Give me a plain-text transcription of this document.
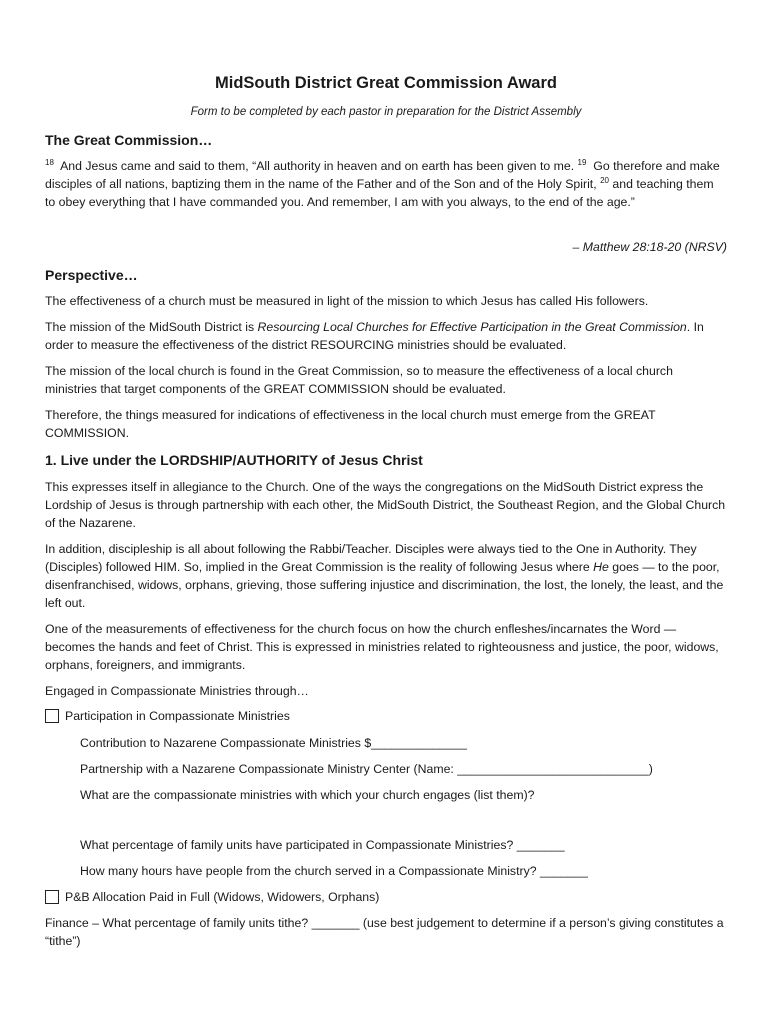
MidSouth District Great Commission Award

Form to be completed by each pastor in preparation for the District Assembly

The Great Commission…

$^{18}$ And Jesus came and said to them, “All authority in heaven and on earth has been given to me. $^{19}$ Go therefore and make disciples of all nations, baptizing them in the name of the Father and of the Son and of the Holy Spirit, $^{20}$ and teaching them to obey everything that I have commanded you. And remember, I am with you always, to the end of the age.”

– Matthew 28:18-20 (NRSV)

Perspective…

The effectiveness of a church must be measured in light of the mission to which Jesus has called His followers.

The mission of the MidSouth District is Resourcing Local Churches for Effective Participation in the Great Commission. In order to measure the effectiveness of the district RESOURCING ministries should be evaluated.

The mission of the local church is found in the Great Commission, so to measure the effectiveness of a local church ministries that target components of the GREAT COMMISSION should be evaluated.

Therefore, the things measured for indications of effectiveness in the local church must emerge from the GREAT COMMISSION.

1. Live under the LORDSHIP/AUTHORITY of Jesus Christ

This expresses itself in allegiance to the Church. One of the ways the congregations on the MidSouth District express the Lordship of Jesus is through partnership with each other, the MidSouth District, the Southeast Region, and the Global Church of the Nazarene.

In addition, discipleship is all about following the Rabbi/Teacher. Disciples were always tied to the One in Authority. They (Disciples) followed HIM. So, implied in the Great Commission is the reality of following Jesus where He goes — to the poor, disenfranchised, widows, orphans, grieving, those suffering injustice and discrimination, the lost, the lonely, the least, and the left out.

One of the measurements of effectiveness for the church focus on how the church enfleshes/incarnates the Word — becomes the hands and feet of Christ. This is expressed in ministries related to righteousness and justice, the poor, widows, orphans, foreigners, and immigrants.

Engaged in Compassionate Ministries through…

Participation in Compassionate Ministries
Contribution to Nazarene Compassionate Ministries $______________
Partnership with a Nazarene Compassionate Ministry Center (Name: ____________________________)
What are the compassionate ministries with which your church engages (list them)?
What percentage of family units have participated in Compassionate Ministries? _______
How many hours have people from the church served in a Compassionate Ministry? _______
P&B Allocation Paid in Full (Widows, Widowers, Orphans)

Finance – What percentage of family units tithe? _______ (use best judgement to determine if a person’s giving constitutes a “tithe”)
